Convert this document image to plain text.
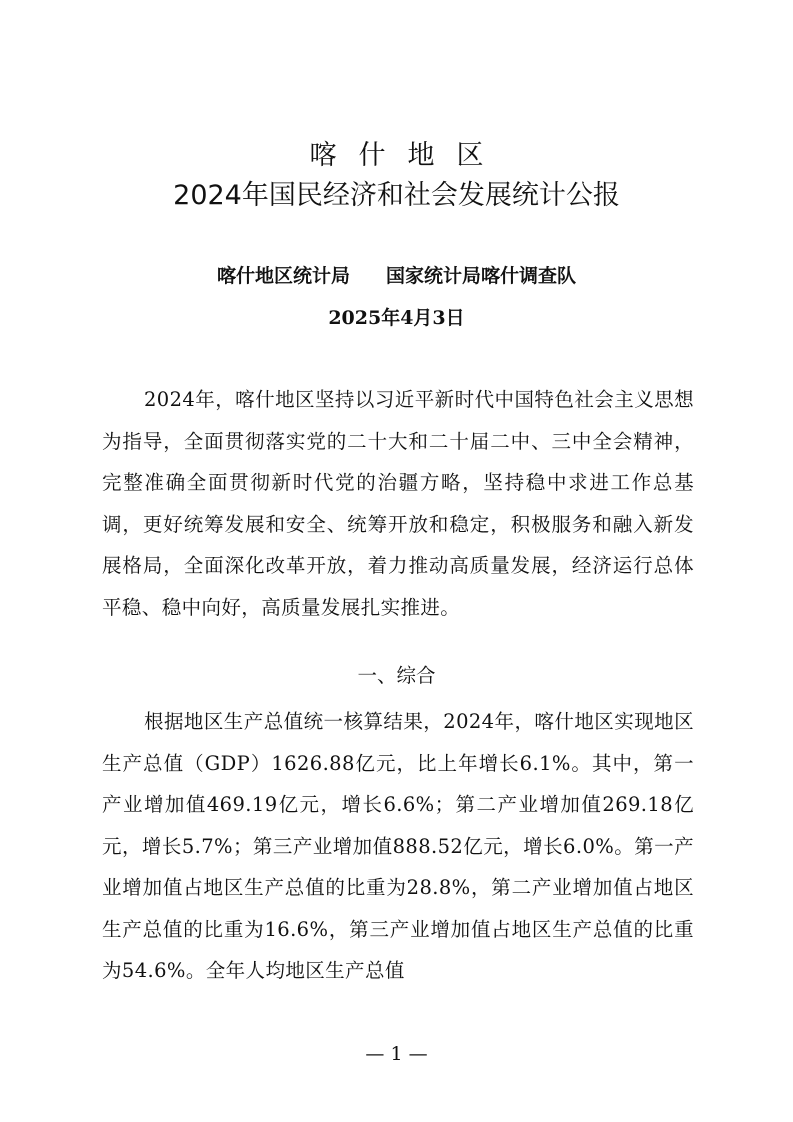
喀什地区
2024年国民经济和社会发展统计公报
喀什地区统计局 国家统计局喀什调查队
2025年4月3日
2024年，喀什地区坚持以习近平新时代中国特色社会主义思想为指导，全面贯彻落实党的二十大和二十届二中、三中全会精神，完整准确全面贯彻新时代党的治疆方略，坚持稳中求进工作总基调，更好统筹发展和安全、统筹开放和稳定，积极服务和融入新发展格局，全面深化改革开放，着力推动高质量发展，经济运行总体平稳、稳中向好，高质量发展扎实推进。
一、综合
根据地区生产总值统一核算结果，2024年，喀什地区实现地区生产总值（GDP）1626.88亿元，比上年增长6.1%。其中，第一产业增加值469.19亿元，增长6.6%；第二产业增加值269.18亿元，增长5.7%；第三产业增加值888.52亿元，增长6.0%。第一产业增加值占地区生产总值的比重为28.8%，第二产业增加值占地区生产总值的比重为16.6%，第三产业增加值占地区生产总值的比重为54.6%。全年人均地区生产总值
— 1 —
